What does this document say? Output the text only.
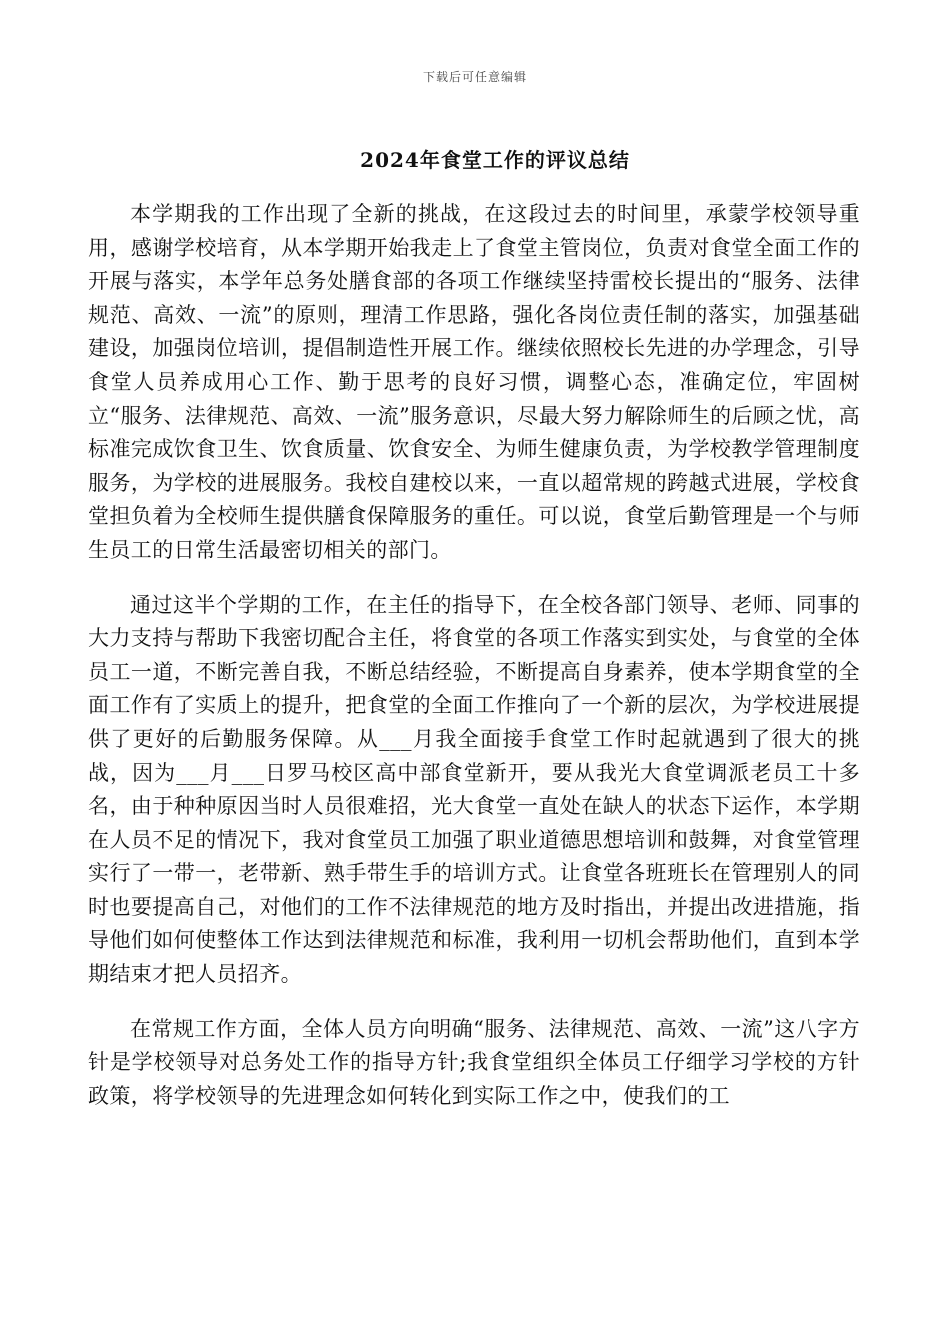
下载后可任意编辑
2024年食堂工作的评议总结

本学期我的工作出现了全新的挑战，在这段过去的时间里，承蒙学校领导重用，感谢学校培育，从本学期开始我走上了食堂主管岗位，负责对食堂全面工作的开展与落实，本学年总务处膳食部的各项工作继续坚持雷校长提出的“服务、法律规范、高效、一流”的原则，理清工作思路，强化各岗位责任制的落实，加强基础建设，加强岗位培训，提倡制造性开展工作。继续依照校长先进的办学理念，引导食堂人员养成用心工作、勤于思考的良好习惯，调整心态，准确定位，牢固树立“服务、法律规范、高效、一流”服务意识，尽最大努力解除师生的后顾之忧，高标准完成饮食卫生、饮食质量、饮食安全、为师生健康负责，为学校教学管理制度服务，为学校的进展服务。我校自建校以来，一直以超常规的跨越式进展，学校食堂担负着为全校师生提供膳食保障服务的重任。可以说，食堂后勤管理是一个与师生员工的日常生活最密切相关的部门。

通过这半个学期的工作，在主任的指导下，在全校各部门领导、老师、同事的大力支持与帮助下我密切配合主任，将食堂的各项工作落实到实处，与食堂的全体员工一道，不断完善自我，不断总结经验，不断提高自身素养，使本学期食堂的全面工作有了实质上的提升，把食堂的全面工作推向了一个新的层次，为学校进展提供了更好的后勤服务保障。从___月我全面接手食堂工作时起就遇到了很大的挑战，因为___月___日罗马校区高中部食堂新开，要从我光大食堂调派老员工十多名，由于种种原因当时人员很难招，光大食堂一直处在缺人的状态下运作，本学期在人员不足的情况下，我对食堂员工加强了职业道德思想培训和鼓舞，对食堂管理实行了一带一，老带新、熟手带生手的培训方式。让食堂各班班长在管理别人的同时也要提高自己，对他们的工作不法律规范的地方及时指出，并提出改进措施，指导他们如何使整体工作达到法律规范和标准，我利用一切机会帮助他们，直到本学期结束才把人员招齐。

在常规工作方面，全体人员方向明确“服务、法律规范、高效、一流”这八字方针是学校领导对总务处工作的指导方针;我食堂组织全体员工仔细学习学校的方针政策，将学校领导的先进理念如何转化到实际工作之中，使我们的工
